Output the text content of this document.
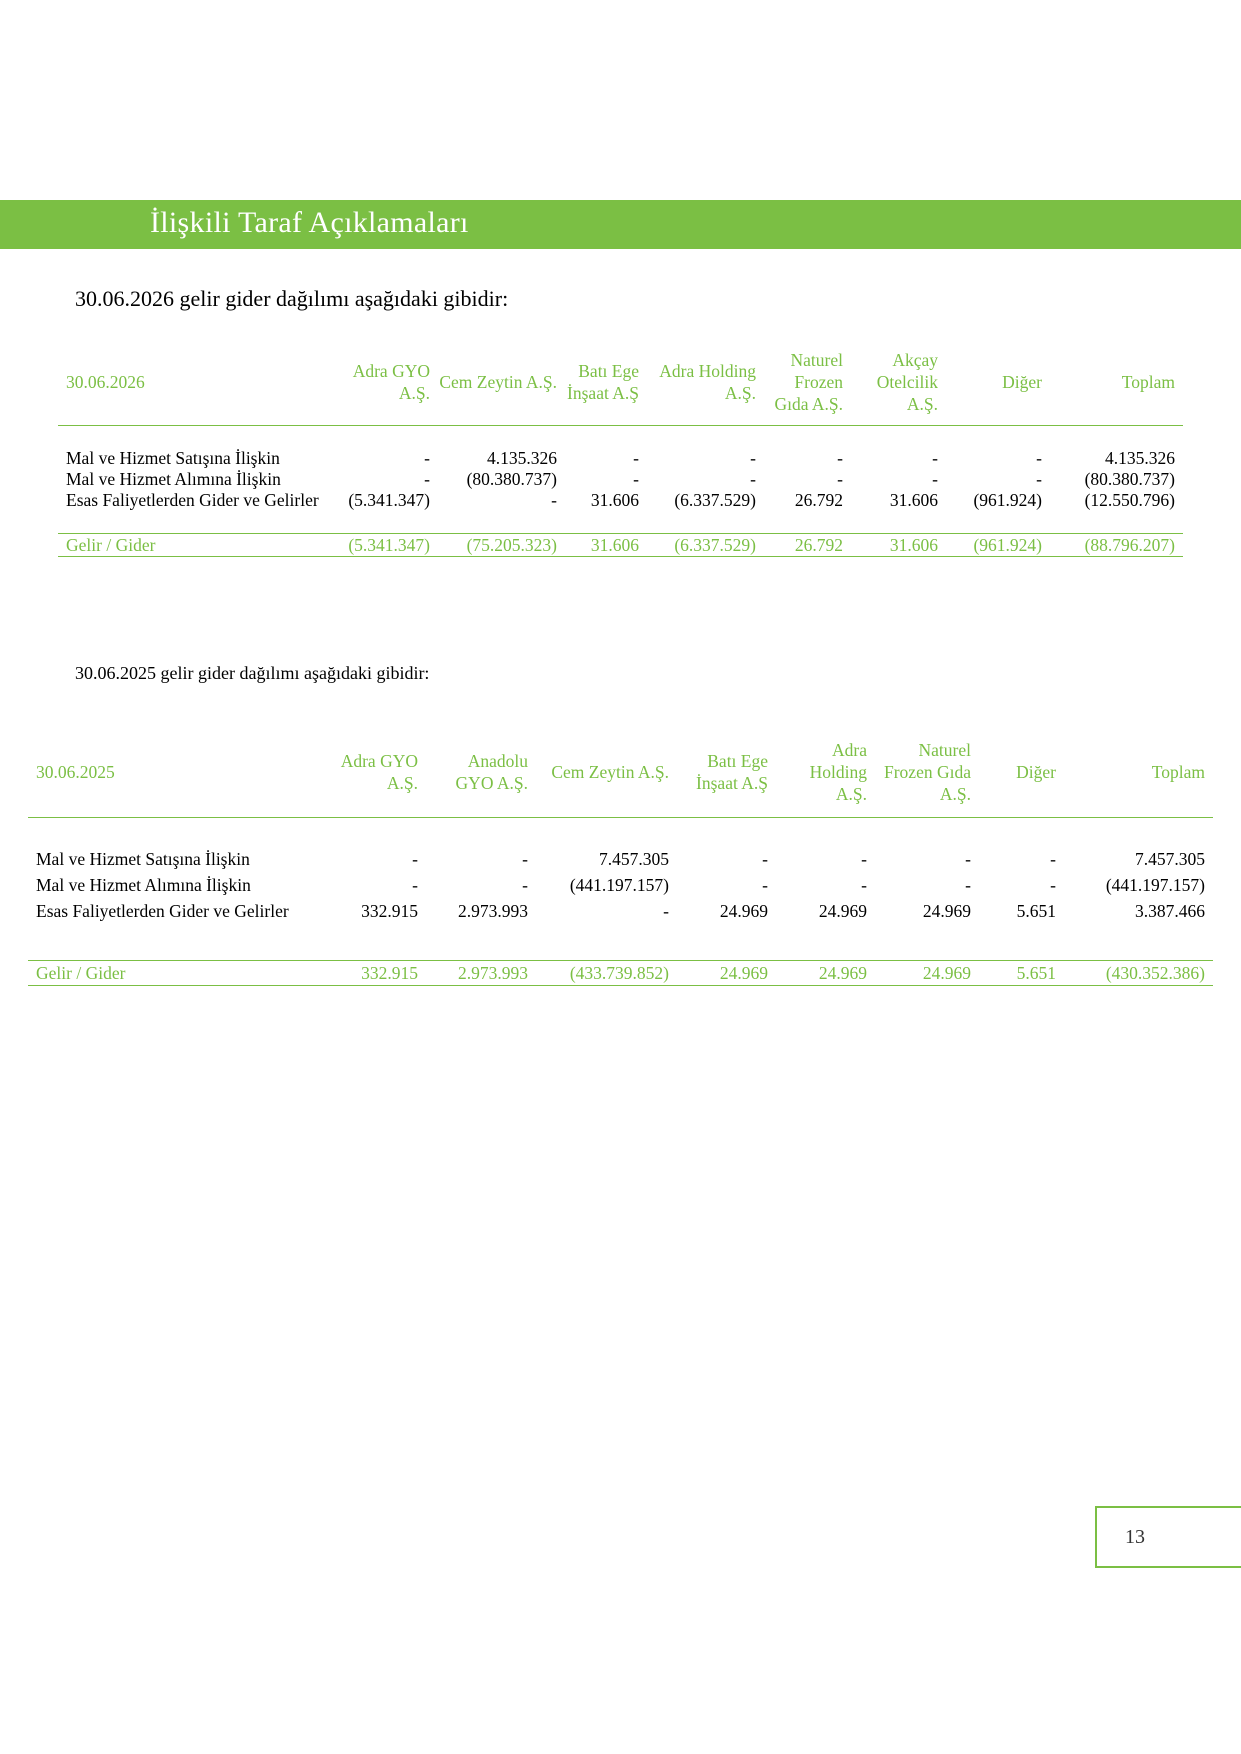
İlişkili Taraf Açıklamaları
30.06.2026 gelir gider dağılımı aşağıdaki gibidir:
30.06.2026	Adra GYO A.Ş.	Cem Zeytin A.Ş.	Batı Ege İnşaat A.Ş	Adra Holding A.Ş.	Naturel Frozen Gıda A.Ş.	Akçay Otelcilik A.Ş.	Diğer	Toplam

Mal ve Hizmet Satışına İlişkin	-	4.135.326	-	-	-	-	-	4.135.326
Mal ve Hizmet Alımına İlişkin	-	(80.380.737)	-	-	-	-	-	(80.380.737)
Esas Faliyetlerden Gider ve Gelirler	(5.341.347)	-	31.606	(6.337.529)	26.792	31.606	(961.924)	(12.550.796)

Gelir / Gider	(5.341.347)	(75.205.323)	31.606	(6.337.529)	26.792	31.606	(961.924)	(88.796.207)
30.06.2025 gelir gider dağılımı aşağıdaki gibidir:
30.06.2025	Adra GYO A.Ş.	Anadolu GYO A.Ş.	Cem Zeytin A.Ş.	Batı Ege İnşaat A.Ş	Adra Holding A.Ş.	Naturel Frozen Gıda A.Ş.	Diğer	Toplam

Mal ve Hizmet Satışına İlişkin	-	-	7.457.305	-	-	-	-	7.457.305
Mal ve Hizmet Alımına İlişkin	-	-	(441.197.157)	-	-	-	-	(441.197.157)
Esas Faliyetlerden Gider ve Gelirler	332.915	2.973.993	-	24.969	24.969	24.969	5.651	3.387.466

Gelir / Gider	332.915	2.973.993	(433.739.852)	24.969	24.969	24.969	5.651	(430.352.386)
13
